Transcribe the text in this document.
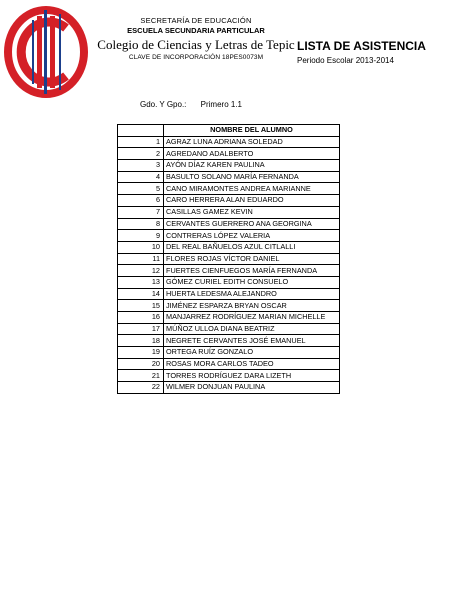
SECRETARÍA DE EDUCACIÓN
ESCUELA SECUNDARIA PARTICULAR
Colegio de Ciencias y Letras de Tepic
CLAVE DE INCORPORACIÓN 18PES0073M
LISTA DE ASISTENCIA
Periodo Escolar 2013-2014
Gdo. Y Gpo.: Primero 1.1
	NOMBRE DEL ALUMNO
1	AGRAZ LUNA ADRIANA SOLEDAD
2	AGREDANO ADALBERTO
3	AYÓN DÍAZ KAREN PAULINA
4	BASULTO SOLANO MARÍA FERNANDA
5	CANO MIRAMONTES ANDREA MARIANNE
6	CARO HERRERA ALAN EDUARDO
7	CASILLAS GAMEZ KEVIN
8	CERVANTES GUERRERO ANA GEORGINA
9	CONTRERAS LÓPEZ VALERIA
10	DEL REAL BAÑUELOS AZUL CITLALLI
11	FLORES ROJAS VÍCTOR DANIEL
12	FUERTES CIENFUEGOS MARÍA FERNANDA
13	GÓMEZ CURIEL EDITH CONSUELO
14	HUERTA LEDESMA ALEJANDRO
15	JIMÉNEZ ESPARZA BRYAN OSCAR
16	MANJARREZ RODRÍGUEZ MARIAN MICHELLE
17	MÚÑOZ ULLOA DIANA BEATRIZ
18	NEGRETE CERVANTES JOSÉ EMANUEL
19	ORTEGA RUÍZ GONZALO
20	ROSAS MORA CARLOS TADEO
21	TORRES RODRÍGUEZ DARA LIZETH
22	WILMER DONJUAN PAULINA
